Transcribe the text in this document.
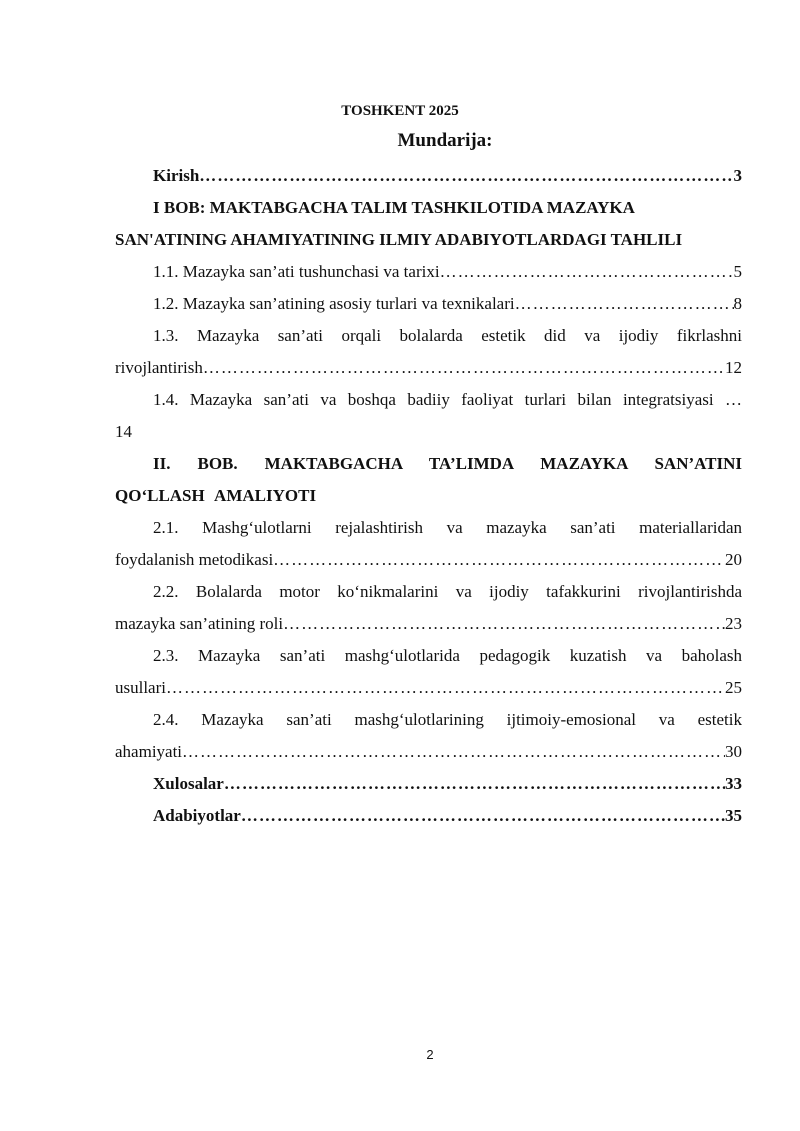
TOSHKENT 2025
Mundarija:
Kirish ……………………………………………………………………………………………………………………………………………………………………	3
I BOB: MAKTABGACHA TALIM TASHKILOTIDA MAZAYKA SAN'ATINING AHAMIYATINING ILMIY ADABIYOTLARDAGI TAHLILI
1.1. Mazayka san’ati tushunchasi va tarixi ……………………………………………………………………………………………………………………………………………………………………	5
1.2. Mazayka san’atining asosiy turlari va texnikalari ……………………………………………………………………………………………………………………………………………………………………	8
1.3. Mazayka san’ati orqali bolalarda estetik did va ijodiy fikrlashni
rivojlantirish ……………………………………………………………………………………………………………………………………………………………………	12
1.4. Mazayka san’ati va boshqa badiiy faoliyat turlari bilan integratsiyasi …
14
II. BOB. MAKTABGACHA TA’LIMDA MAZAYKA SAN’ATINI QO‘LLASH AMALIYOTI
2.1. Mashg‘ulotlarni rejalashtirish va mazayka san’ati materiallaridan
foydalanish metodikasi ……………………………………………………………………………………………………………………………………………………………………	20
2.2. Bolalarda motor ko‘nikmalarini va ijodiy tafakkurini rivojlantirishda
mazayka san’atining roli ……………………………………………………………………………………………………………………………………………………………………	23
2.3. Mazayka san’ati mashg‘ulotlarida pedagogik kuzatish va baholash
usullari ……………………………………………………………………………………………………………………………………………………………………	25
2.4. Mazayka san’ati mashg‘ulotlarining ijtimoiy-emosional va estetik
ahamiyati ……………………………………………………………………………………………………………………………………………………………………	30
Xulosalar ……………………………………………………………………………………………………………………………………………………………………	33
Adabiyotlar ……………………………………………………………………………………………………………………………………………………………………	35
2
